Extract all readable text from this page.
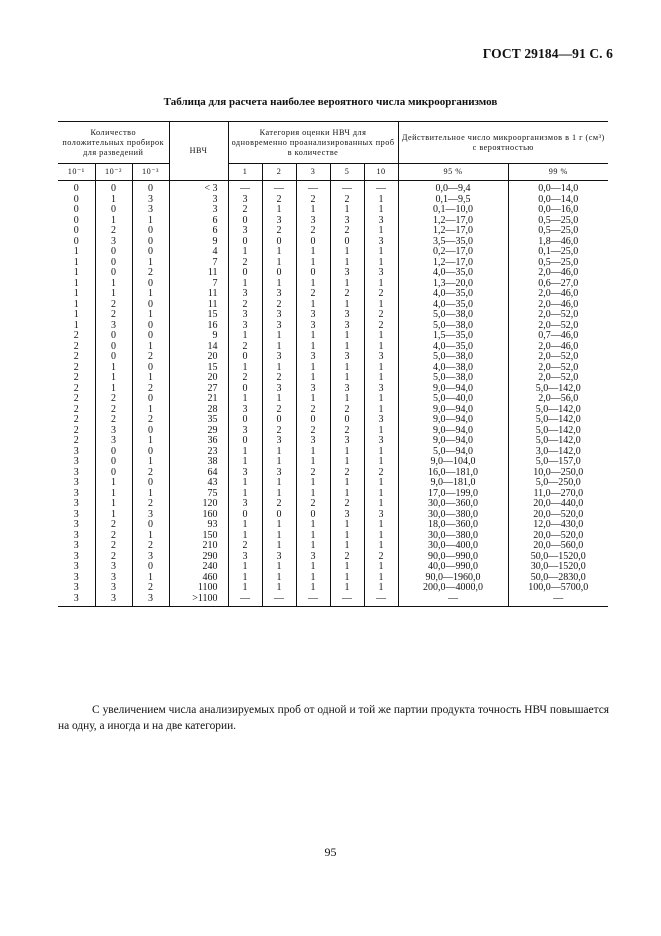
ГОСТ 29184—91 С. 6
Таблица для расчета наиболее вероятного числа микроорганизмов
Количество положительных пробирок для разведений			НВЧ	Категория оценки НВЧ для одновременно проанализированных проб в количестве					Действительное число микроорганизмов в 1 г (см³) с вероятностью	
10⁻¹	10⁻²	10⁻³		1	2	3	5	10	95 %	99 %
0	0	0	< 3	—	—	—	—	—	0,0—9,4	0,0—14,0
0	1	3	3	3	2	2	2	1	0,1—9,5	0,0—14,0
0	0	3	3	2	1	1	1	1	0,1—10,0	0,0—16,0
0	1	1	6	0	3	3	3	3	1,2—17,0	0,5—25,0
0	2	0	6	3	2	2	2	1	1,2—17,0	0,5—25,0
0	3	0	9	0	0	0	0	3	3,5—35,0	1,8—46,0
1	0	0	4	1	1	1	1	1	0,2—17,0	0,1—25,0
1	0	1	7	2	1	1	1	1	1,2—17,0	0,5—25,0
1	0	2	11	0	0	0	3	3	4,0—35,0	2,0—46,0
1	1	0	7	1	1	1	1	1	1,3—20,0	0,6—27,0
1	1	1	11	3	3	2	2	2	4,0—35,0	2,0—46,0
1	2	0	11	2	2	1	1	1	4,0—35,0	2,0—46,0
1	2	1	15	3	3	3	3	2	5,0—38,0	2,0—52,0
1	3	0	16	3	3	3	3	2	5,0—38,0	2,0—52,0
2	0	0	9	1	1	1	1	1	1,5—35,0	0,7—46,0
2	0	1	14	2	1	1	1	1	4,0—35,0	2,0—46,0
2	0	2	20	0	3	3	3	3	5,0—38,0	2,0—52,0
2	1	0	15	1	1	1	1	1	4,0—38,0	2,0—52,0
2	1	1	20	2	2	1	1	1	5,0—38,0	2,0—52,0
2	1	2	27	0	3	3	3	3	9,0—94,0	5,0—142,0
2	2	0	21	1	1	1	1	1	5,0—40,0	2,0—56,0
2	2	1	28	3	2	2	2	1	9,0—94,0	5,0—142,0
2	2	2	35	0	0	0	0	3	9,0—94,0	5,0—142,0
2	3	0	29	3	2	2	2	1	9,0—94,0	5,0—142,0
2	3	1	36	0	3	3	3	3	9,0—94,0	5,0—142,0
3	0	0	23	1	1	1	1	1	5,0—94,0	3,0—142,0
3	0	1	38	1	1	1	1	1	9,0—104,0	5,0—157,0
3	0	2	64	3	3	2	2	2	16,0—181,0	10,0—250,0
3	1	0	43	1	1	1	1	1	9,0—181,0	5,0—250,0
3	1	1	75	1	1	1	1	1	17,0—199,0	11,0—270,0
3	1	2	120	3	2	2	2	1	30,0—360,0	20,0—440,0
3	1	3	160	0	0	0	3	3	30,0—380,0	20,0—520,0
3	2	0	93	1	1	1	1	1	18,0—360,0	12,0—430,0
3	2	1	150	1	1	1	1	1	30,0—380,0	20,0—520,0
3	2	2	210	2	1	1	1	1	30,0—400,0	20,0—560,0
3	2	3	290	3	3	3	2	2	90,0—990,0	50,0—1520,0
3	3	0	240	1	1	1	1	1	40,0—990,0	30,0—1520,0
3	3	1	460	1	1	1	1	1	90,0—1960,0	50,0—2830,0
3	3	2	1100	1	1	1	1	1	200,0—4000,0	100,0—5700,0
3	3	3	>1100	—	—	—	—	—	—	—

С увеличением числа анализируемых проб от одной и той же партии продукта точность НВЧ повышается на одну, а иногда и на две категории.

95
